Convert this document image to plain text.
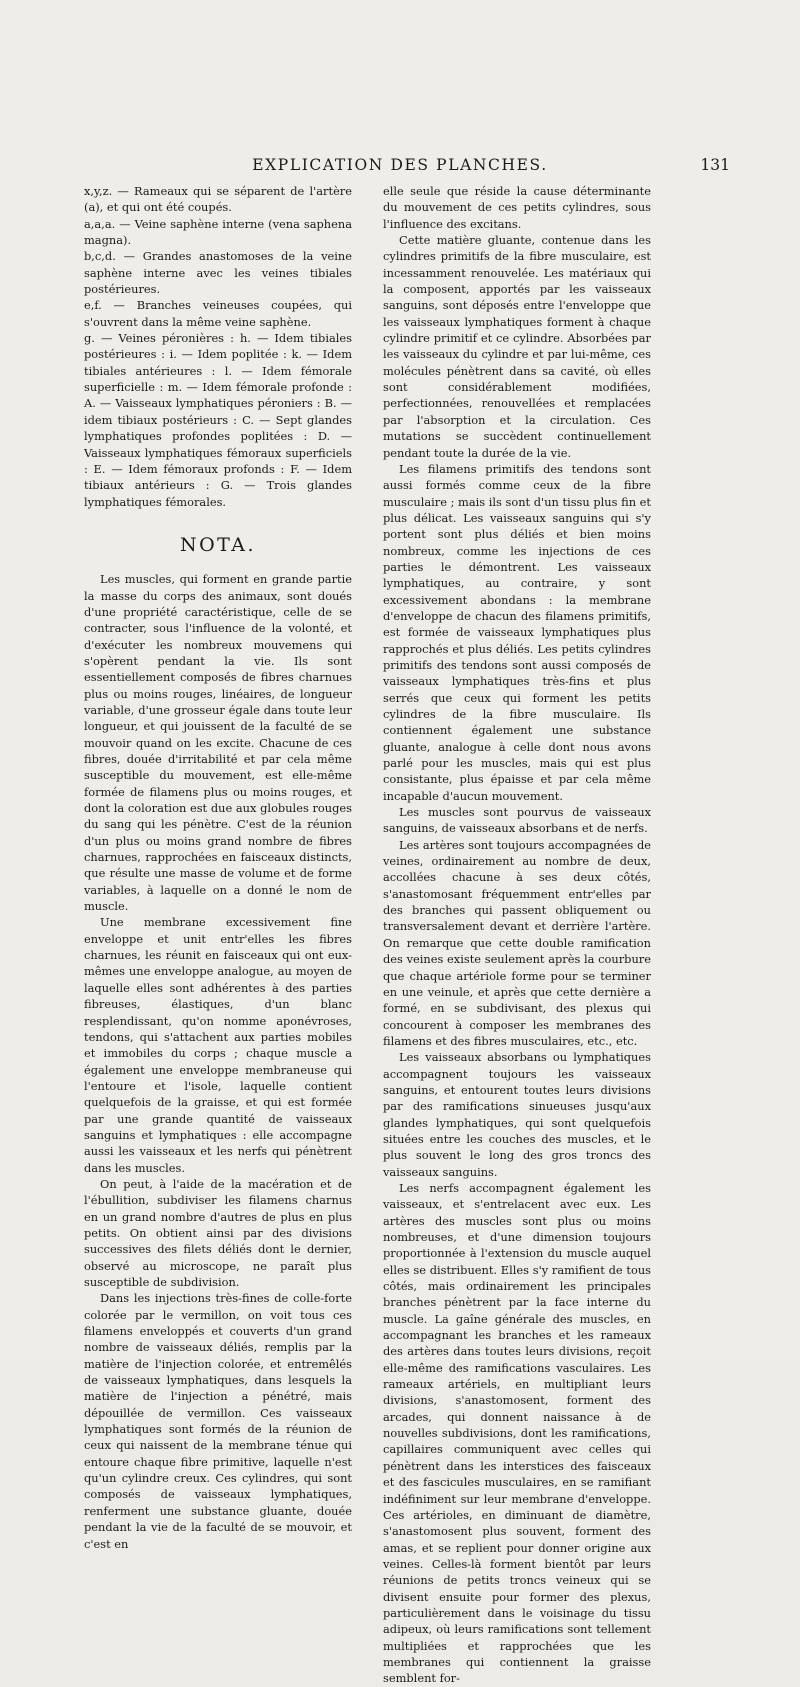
EXPLICATION DES PLANCHES.	131

x,y,z. — Rameaux qui se séparent de l'artère (a), et qui ont été coupés.

a,a,a. — Veine saphène interne (vena saphena magna).

b,c,d. — Grandes anastomoses de la veine saphène interne avec les veines tibiales postérieures.

e,f. — Branches veineuses coupées, qui s'ouvrent dans la même veine saphène.

g. — Veines péronières : h. — Idem tibiales postérieures : i. — Idem poplitée : k. — Idem tibiales antérieures : l. — Idem fémorale superficielle : m. — Idem fémorale profonde : A. — Vaisseaux lymphatiques péroniers : B. — idem tibiaux postérieurs : C. — Sept glandes lymphatiques profondes poplitées : D. — Vaisseaux lymphatiques fémoraux superficiels : E. — Idem fémoraux profonds : F. — Idem tibiaux antérieurs : G. — Trois glandes lymphatiques fémorales.

NOTA.

Les muscles, qui forment en grande partie la masse du corps des animaux, sont doués d'une propriété caractéristique, celle de se contracter, sous l'influence de la volonté, et d'exécuter les nombreux mouvemens qui s'opèrent pendant la vie. Ils sont essentiellement composés de fibres charnues plus ou moins rouges, linéaires, de longueur variable, d'une grosseur égale dans toute leur longueur, et qui jouissent de la faculté de se mouvoir quand on les excite. Chacune de ces fibres, douée d'irritabilité et par cela même susceptible du mouvement, est elle-même formée de filamens plus ou moins rouges, et dont la coloration est due aux globules rouges du sang qui les pénètre. C'est de la réunion d'un plus ou moins grand nombre de fibres charnues, rapprochées en faisceaux distincts, que résulte une masse de volume et de forme variables, à laquelle on a donné le nom de muscle.

Une membrane excessivement fine enveloppe et unit entr'elles les fibres charnues, les réunit en faisceaux qui ont eux-mêmes une enveloppe analogue, au moyen de laquelle elles sont adhérentes à des parties fibreuses, élastiques, d'un blanc resplendissant, qu'on nomme aponévroses, tendons, qui s'attachent aux parties mobiles et immobiles du corps ; chaque muscle a également une enveloppe membraneuse qui l'entoure et l'isole, laquelle contient quelquefois de la graisse, et qui est formée par une grande quantité de vaisseaux sanguins et lymphatiques : elle accompagne aussi les vaisseaux et les nerfs qui pénètrent dans les muscles.

On peut, à l'aide de la macération et de l'ébullition, subdiviser les filamens charnus en un grand nombre d'autres de plus en plus petits. On obtient ainsi par des divisions successives des filets déliés dont le dernier, observé au microscope, ne paraît plus susceptible de subdivision.

Dans les injections très-fines de colle-forte colorée par le vermillon, on voit tous ces filamens enveloppés et couverts d'un grand nombre de vaisseaux déliés, remplis par la matière de l'injection colorée, et entremêlés de vaisseaux lymphatiques, dans lesquels la matière de l'injection a pénétré, mais dépouillée de vermillon. Ces vaisseaux lymphatiques sont formés de la réunion de ceux qui naissent de la membrane ténue qui entoure chaque fibre primitive, laquelle n'est qu'un cylindre creux. Ces cylindres, qui sont composés de vaisseaux lymphatiques, renferment une substance gluante, douée pendant la vie de la faculté de se mouvoir, et c'est en

elle seule que réside la cause déterminante du mouvement de ces petits cylindres, sous l'influence des excitans.

Cette matière gluante, contenue dans les cylindres primitifs de la fibre musculaire, est incessamment renouvelée. Les matériaux qui la composent, apportés par les vaisseaux sanguins, sont déposés entre l'enveloppe que les vaisseaux lymphatiques forment à chaque cylindre primitif et ce cylindre. Absorbées par les vaisseaux du cylindre et par lui-même, ces molécules pénètrent dans sa cavité, où elles sont considérablement modifiées, perfectionnées, renouvellées et remplacées par l'absorption et la circulation. Ces mutations se succèdent continuellement pendant toute la durée de la vie.

Les filamens primitifs des tendons sont aussi formés comme ceux de la fibre musculaire ; mais ils sont d'un tissu plus fin et plus délicat. Les vaisseaux sanguins qui s'y portent sont plus déliés et bien moins nombreux, comme les injections de ces parties le démontrent. Les vaisseaux lymphatiques, au contraire, y sont excessivement abondans : la membrane d'enveloppe de chacun des filamens primitifs, est formée de vaisseaux lymphatiques plus rapprochés et plus déliés. Les petits cylindres primitifs des tendons sont aussi composés de vaisseaux lymphatiques très-fins et plus serrés que ceux qui forment les petits cylindres de la fibre musculaire. Ils contiennent également une substance gluante, analogue à celle dont nous avons parlé pour les muscles, mais qui est plus consistante, plus épaisse et par cela même incapable d'aucun mouvement.

Les muscles sont pourvus de vaisseaux sanguins, de vaisseaux absorbans et de nerfs.

Les artères sont toujours accompagnées de veines, ordinairement au nombre de deux, accollées chacune à ses deux côtés, s'anastomosant fréquemment entr'elles par des branches qui passent obliquement ou transversalement devant et derrière l'artère. On remarque que cette double ramification des veines existe seulement après la courbure que chaque artériole forme pour se terminer en une veinule, et après que cette dernière a formé, en se subdivisant, des plexus qui concourent à composer les membranes des filamens et des fibres musculaires, etc., etc.

Les vaisseaux absorbans ou lymphatiques accompagnent toujours les vaisseaux sanguins, et entourent toutes leurs divisions par des ramifications sinueuses jusqu'aux glandes lymphatiques, qui sont quelquefois situées entre les couches des muscles, et le plus souvent le long des gros troncs des vaisseaux sanguins.

Les nerfs accompagnent également les vaisseaux, et s'entrelacent avec eux. Les artères des muscles sont plus ou moins nombreuses, et d'une dimension toujours proportionnée à l'extension du muscle auquel elles se distribuent. Elles s'y ramifient de tous côtés, mais ordinairement les principales branches pénètrent par la face interne du muscle. La gaîne générale des muscles, en accompagnant les branches et les rameaux des artères dans toutes leurs divisions, reçoit elle-même des ramifications vasculaires. Les rameaux artériels, en multipliant leurs divisions, s'anastomosent, forment des arcades, qui donnent naissance à de nouvelles subdivisions, dont les ramifications, capillaires communiquent avec celles qui pénètrent dans les interstices des faisceaux et des fascicules musculaires, en se ramifiant indéfiniment sur leur membrane d'enveloppe. Ces artérioles, en diminuant de diamètre, s'anastomosent plus souvent, forment des amas, et se replient pour donner origine aux veines. Celles-là forment bientôt par leurs réunions de petits troncs veineux qui se divisent ensuite pour former des plexus, particulièrement dans le voisinage du tissu adipeux, où leurs ramifications sont tellement multipliées et rapprochées que les membranes qui contiennent la graisse semblent for-
